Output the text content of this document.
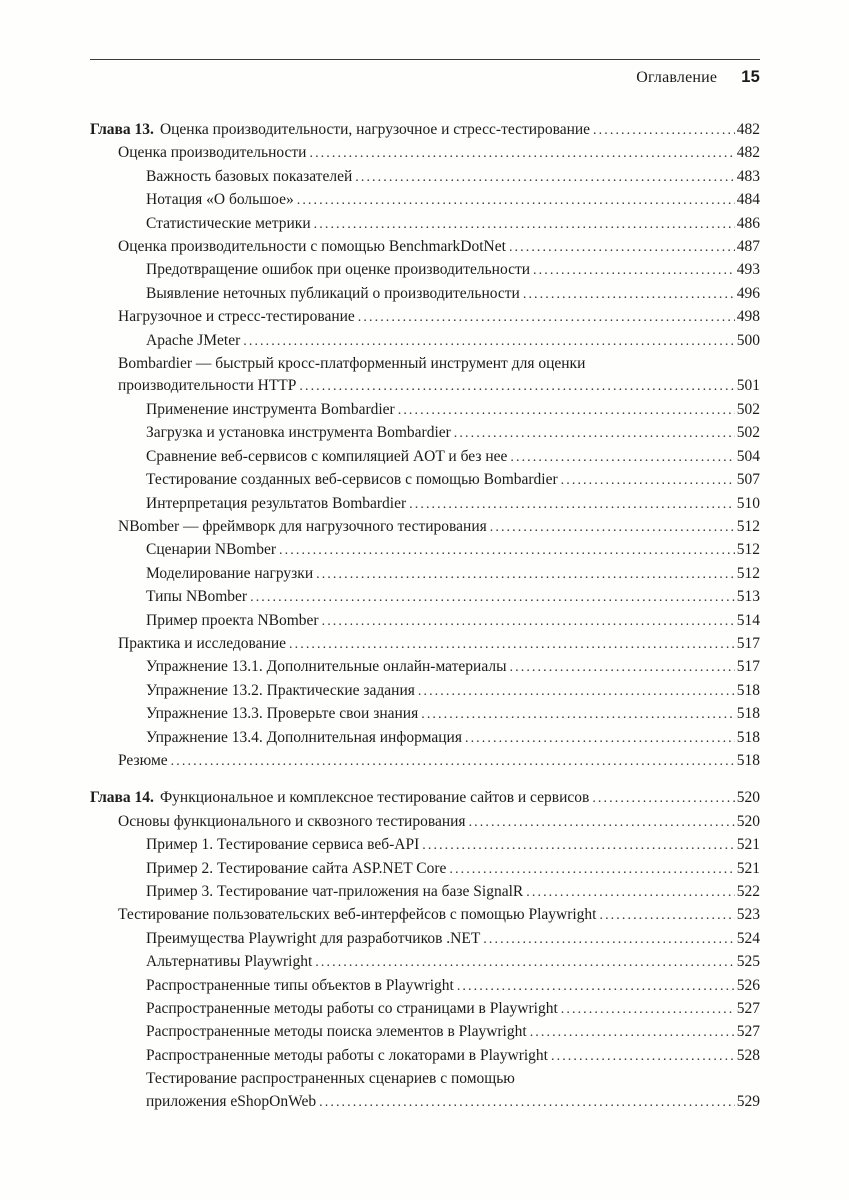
Оглавление 15
Глава 13. Оценка производительности, нагрузочное и стресс-тестирование .....	482
Оценка производительности .....	482
Важность базовых показателей .....	483
Нотация «О большое» .....	484
Статистические метрики .....	486
Оценка производительности с помощью BenchmarkDotNet .....	487
Предотвращение ошибок при оценке производительности .....	493
Выявление неточных публикаций о производительности .....	496
Нагрузочное и стресс-тестирование .....	498
Apache JMeter .....	500
Bombardier — быстрый кросс-платформенный инструмент для оценки
производительности HTTP .....	501
Применение инструмента Bombardier .....	502
Загрузка и установка инструмента Bombardier .....	502
Сравнение веб-сервисов с компиляцией AOT и без нее .....	504
Тестирование созданных веб-сервисов с помощью Bombardier .....	507
Интерпретация результатов Bombardier .....	510
NBomber — фреймворк для нагрузочного тестирования .....	512
Сценарии NBomber .....	512
Моделирование нагрузки .....	512
Типы NBomber .....	513
Пример проекта NBomber .....	514
Практика и исследование .....	517
Упражнение 13.1. Дополнительные онлайн-материалы .....	517
Упражнение 13.2. Практические задания .....	518
Упражнение 13.3. Проверьте свои знания .....	518
Упражнение 13.4. Дополнительная информация .....	518
Резюме .....	518
Глава 14. Функциональное и комплексное тестирование сайтов и сервисов .....	520
Основы функционального и сквозного тестирования .....	520
Пример 1. Тестирование сервиса веб-API .....	521
Пример 2. Тестирование сайта ASP.NET Core .....	521
Пример 3. Тестирование чат-приложения на базе SignalR .....	522
Тестирование пользовательских веб-интерфейсов с помощью Playwright .....	523
Преимущества Playwright для разработчиков .NET .....	524
Альтернативы Playwright .....	525
Распространенные типы объектов в Playwright .....	526
Распространенные методы работы со страницами в Playwright .....	527
Распространенные методы поиска элементов в Playwright .....	527
Распространенные методы работы с локаторами в Playwright .....	528
Тестирование распространенных сценариев с помощью
приложения eShopOnWeb .....	529
